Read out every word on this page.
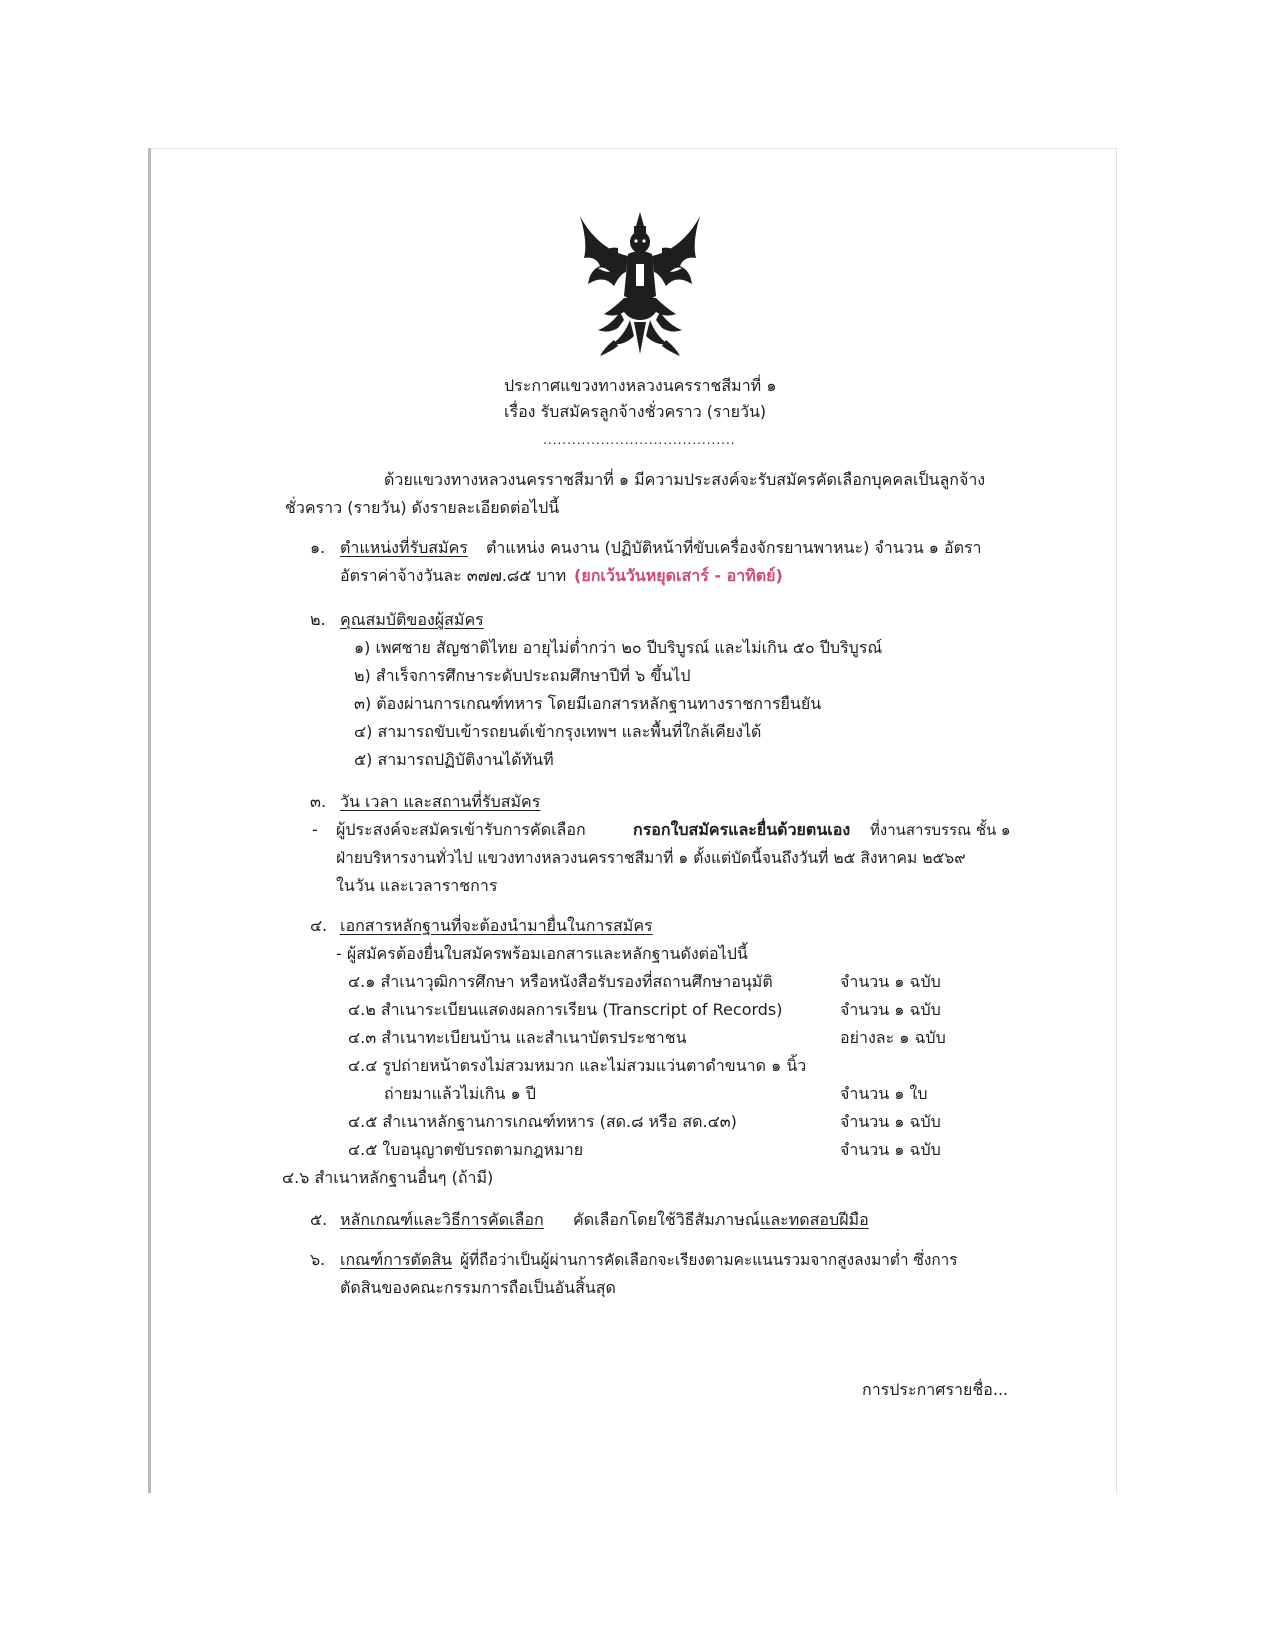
ประกาศแขวงทางหลวงนครราชสีมาที่ ๑
เรื่อง รับสมัครลูกจ้างชั่วคราว (รายวัน)
........................................
ด้วยแขวงทางหลวงนครราชสีมาที่ ๑ มีความประสงค์จะรับสมัครคัดเลือกบุคคลเป็นลูกจ้าง
ชั่วคราว (รายวัน) ดังรายละเอียดต่อไปนี้
๑. ตำแหน่งที่รับสมัคร ตำแหน่ง คนงาน (ปฏิบัติหน้าที่ขับเครื่องจักรยานพาหนะ) จำนวน ๑ อัตรา
อัตราค่าจ้างวันละ ๓๗๗.๘๕ บาท (ยกเว้นวันหยุดเสาร์ - อาทิตย์)
๒. คุณสมบัติของผู้สมัคร
๑) เพศชาย สัญชาติไทย อายุไม่ต่ำกว่า ๒๐ ปีบริบูรณ์ และไม่เกิน ๕๐ ปีบริบูรณ์
๒) สำเร็จการศึกษาระดับประถมศึกษาปีที่ ๖ ขึ้นไป
๓) ต้องผ่านการเกณฑ์ทหาร โดยมีเอกสารหลักฐานทางราชการยืนยัน
๔) สามารถขับเข้ารถยนต์เข้ากรุงเทพฯ และพื้นที่ใกล้เคียงได้
๕) สามารถปฏิบัติงานได้ทันที
๓. วัน เวลา และสถานที่รับสมัคร
- ผู้ประสงค์จะสมัครเข้ารับการคัดเลือก	กรอกใบสมัครและยื่นด้วยตนเอง ที่งานสารบรรณ ชั้น ๑
ฝ่ายบริหารงานทั่วไป แขวงทางหลวงนครราชสีมาที่ ๑ ตั้งแต่บัดนี้จนถึงวันที่ ๒๕ สิงหาคม ๒๕๖๙
ในวัน และเวลาราชการ
๔. เอกสารหลักฐานที่จะต้องนำมายื่นในการสมัคร
- ผู้สมัครต้องยื่นใบสมัครพร้อมเอกสารและหลักฐานดังต่อไปนี้
๔.๑ สำเนาวุฒิการศึกษา หรือหนังสือรับรองที่สถานศึกษาอนุมัติ	จำนวน ๑ ฉบับ
๔.๒ สำเนาระเบียนแสดงผลการเรียน (Transcript of Records)	จำนวน ๑ ฉบับ
๔.๓ สำเนาทะเบียนบ้าน และสำเนาบัตรประชาชน	อย่างละ ๑ ฉบับ
๔.๔ รูปถ่ายหน้าตรงไม่สวมหมวก และไม่สวมแว่นตาดำขนาด ๑ นิ้ว
ถ่ายมาแล้วไม่เกิน ๑ ปี	จำนวน ๑ ใบ
๔.๕ สำเนาหลักฐานการเกณฑ์ทหาร (สด.๘ หรือ สด.๔๓)	จำนวน ๑ ฉบับ
๔.๕ ใบอนุญาตขับรถตามกฎหมาย	จำนวน ๑ ฉบับ
๔.๖ สำเนาหลักฐานอื่นๆ (ถ้ามี)
๕. หลักเกณฑ์และวิธีการคัดเลือก คัดเลือกโดยใช้วิธีสัมภาษณ์ และทดสอบฝีมือ
๖. เกณฑ์การตัดสิน ผู้ที่ถือว่าเป็นผู้ผ่านการคัดเลือกจะเรียงตามคะแนนรวมจากสูงลงมาต่ำ ซึ่งการ
ตัดสินของคณะกรรมการถือเป็นอันสิ้นสุด
การประกาศรายชื่อ...
